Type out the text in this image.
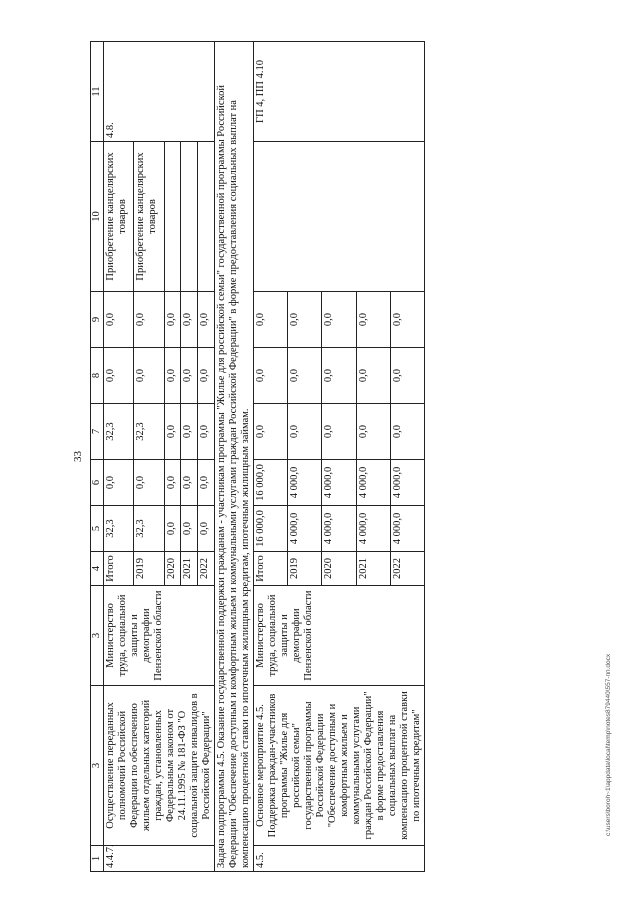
33
1	3	3	4	5	6	7	8	9	10	11
4.4.7.	Осуществление переданных полномочий Российской Федерации по обеспечению жильем отдельных категорий граждан, установленных Федеральным законом от 24.11.1995 № 181-ФЗ "О социальной защите инвалидов в Российской Федерации"	Министерство труда, социальной защиты и демографии Пензенской области	Итого	32,3	0,0	32,3	0,0	0,0	Приобретение канцелярских товаров	4.8.
			2019	32,3	0,0	32,3	0,0	0,0	Приобретение канцелярских товаров	
			2020	0,0	0,0	0,0	0,0	0,0		
			2021	0,0	0,0	0,0	0,0	0,0		
			2022	0,0	0,0	0,0	0,0	0,0		
Задача подпрограммы 4.5. Оказание государственной поддержки гражданам - участникам программы "Жилье для российской семьи" государственной программы Российской Федерации "Обеспечение доступным и комфортным жильем и коммунальными услугами граждан Российской Федерации" в форме предоставления социальных выплат на компенсацию процентной ставки по ипотечным жилищным кредитам, ипотечным жилищным займам.										
4.5.	Основное мероприятие 4.5. Поддержка граждан-участников программы "Жилье для российской семьи" государственной программы Российской Федерации "Обеспечение доступным и комфортным жильем и коммунальными услугами граждан Российской Федерации" в форме предоставления социальных выплат на компенсацию процентной ставки по ипотечным кредитам"	Министерство труда, социальной защиты и демографии Пензенской области	Итого	16 000,0	16 000,0	0,0	0,0	0,0		ГП 4, ПП 4.10
			2019	4 000,0	4 000,0	0,0	0,0	0,0		
			2020	4 000,0	4 000,0	0,0	0,0	0,0		
			2021	4 000,0	4 000,0	0,0	0,0	0,0		
			2022	4 000,0	4 000,0	0,0	0,0	0,0		
c:\users\boroh~1\appdata\local\temp\notes879440\557-пп.docx
